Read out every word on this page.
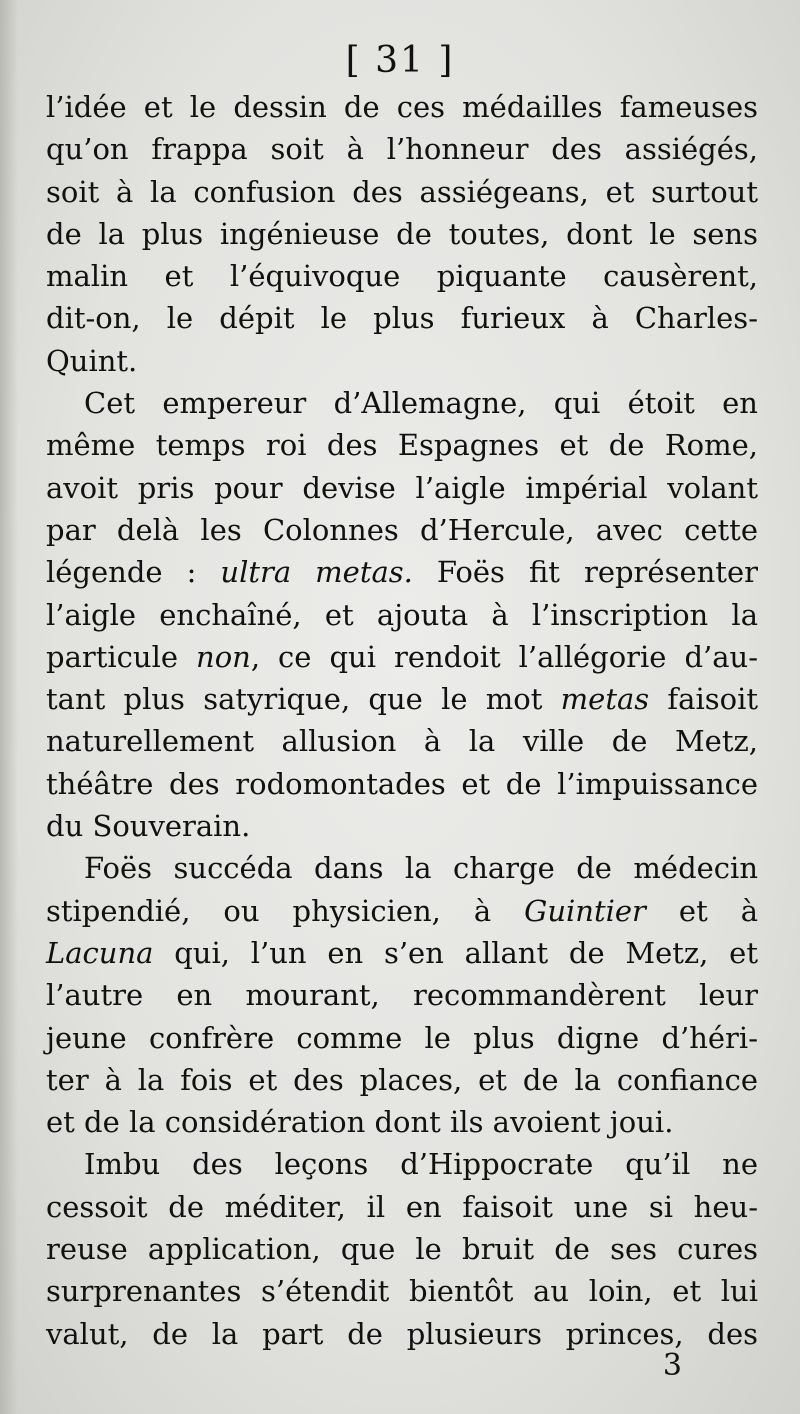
[ 31 ]
l’idée et le dessin de ces médailles fameuses
qu’on frappa soit à l’honneur des assiégés,
soit à la confusion des assiégeans, et surtout
de la plus ingénieuse de toutes, dont le sens
malin et l’équivoque piquante causèrent,
dit-on, le dépit le plus furieux à Charles-
Quint.
Cet empereur d’Allemagne, qui étoit en
même temps roi des Espagnes et de Rome,
avoit pris pour devise l’aigle impérial volant
par delà les Colonnes d’Hercule, avec cette
légende : ultra metas. Foës fit représenter
l’aigle enchaîné, et ajouta à l’inscription la
particule non, ce qui rendoit l’allégorie d’au-
tant plus satyrique, que le mot metas faisoit
naturellement allusion à la ville de Metz,
théâtre des rodomontades et de l’impuissance
du Souverain.
Foës succéda dans la charge de médecin
stipendié, ou physicien, à Guintier et à
Lacuna qui, l’un en s’en allant de Metz, et
l’autre en mourant, recommandèrent leur
jeune confrère comme le plus digne d’héri-
ter à la fois et des places, et de la confiance
et de la considération dont ils avoient joui.
Imbu des leçons d’Hippocrate qu’il ne
cessoit de méditer, il en faisoit une si heu-
reuse application, que le bruit de ses cures
surprenantes s’étendit bientôt au loin, et lui
valut, de la part de plusieurs princes, des
3
